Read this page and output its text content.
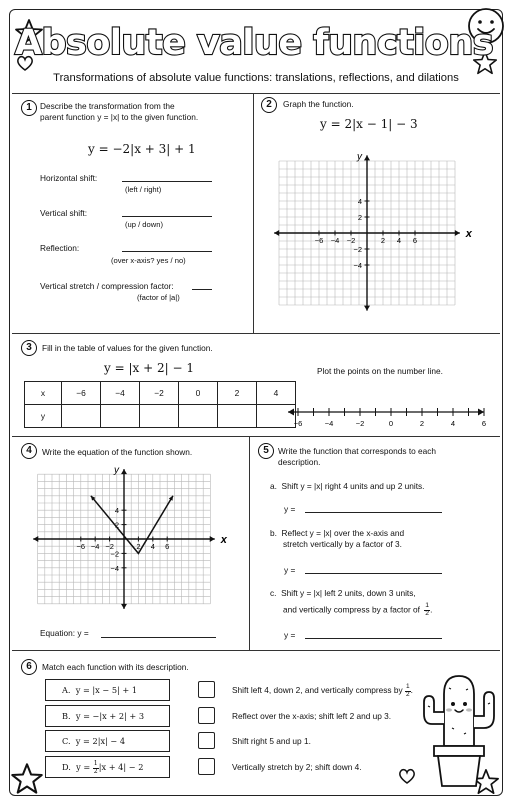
Absolute value functions
Transformations of absolute value functions: translations, reflections, and dilations
1 Describe the transformation from the
parent function y = |x| to the given function.
y = −2|x + 3| + 1
Horizontal shift:
(left / right)
Vertical shift:
(up / down)
Reflection:
(over x-axis? yes / no)
Vertical stretch / compression factor:
(factor of |a|)
2	Graph the function.
y = 2|x − 1| − 3
x
y
−6 −4 −2	2 4 6
4
2
−2
−4
3	Fill in the table of values for the given function.
y = |x + 2| − 1
x	−6	−4	−2	0	2	4
y						
Plot the points on the number line.
−6	−4	−2	0	2	4	6
4	Write the equation of the function shown.
x
y
−6 −4 −2	2 4 6
4
2
−2
−4
Equation: y =
5	Write the function that corresponds to each
description.
a. Shift y = |x| right 4 units and up 2 units.
y =
b. Reflect y = |x| over the x-axis and
stretch vertically by a factor of 3.
y =
c. Shift y = |x| left 2 units, down 3 units,
and vertically compress by a factor of $\frac{1}{2}$ .
y =
6	Match each function with its description.
A. y = |x − 5| + 1
B. y = −|x + 2| + 3
C. y = 2|x| − 4
D. $y = \frac{1}{2} |x + 4| - 2$
Shift left 4, down 2, and vertically compress by $\frac{1}{2}$ .
Reflect over the x-axis; shift left 2 and up 3.
Shift right 5 and up 1.
Vertically stretch by 2; shift down 4.
